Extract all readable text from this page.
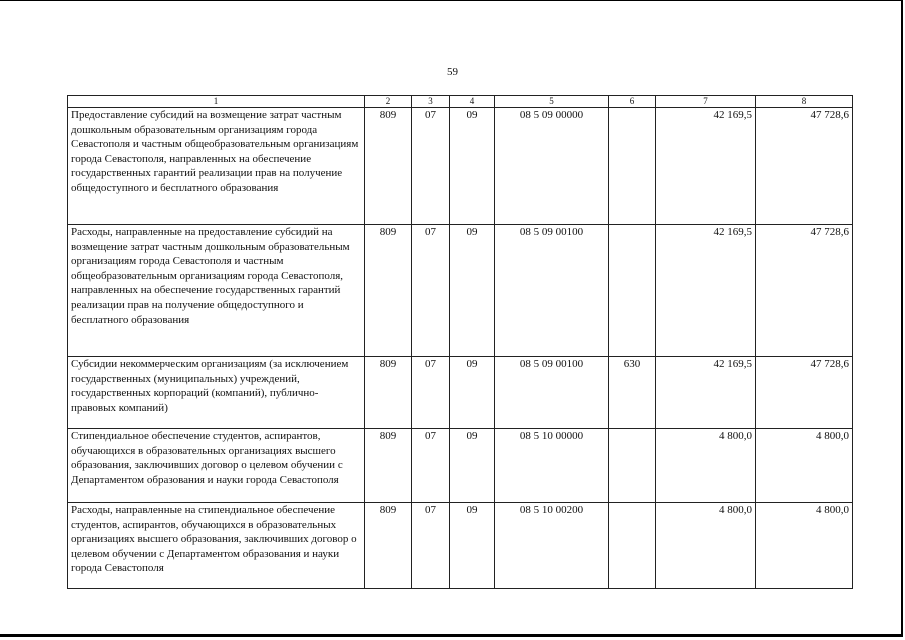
59
1	2	3	4	5	6	7	8
Предоставление субсидий на возмещение затрат частным дошкольным образовательным организациям города Севастополя и частным общеобразовательным организациям города Севастополя, направленных на обеспечение государственных гарантий реализации прав на получение общедоступного и бесплатного образования	809	07	09	08 5 09 00000		42 169,5	47 728,6
Расходы, направленные на предоставление субсидий на возмещение затрат частным дошкольным образовательным организациям города Севастополя и частным общеобразовательным организациям города Севастополя, направленных на обеспечение государственных гарантий реализации прав на получение общедоступного и бесплатного образования	809	07	09	08 5 09 00100		42 169,5	47 728,6
Субсидии некоммерческим организациям (за исключением государственных (муниципальных) учреждений, государственных корпораций (компаний), публично-правовых компаний)	809	07	09	08 5 09 00100	630	42 169,5	47 728,6
Стипендиальное обеспечение студентов, аспирантов, обучающихся в образовательных организациях высшего образования, заключивших договор о целевом обучении с Департаментом образования и науки города Севастополя	809	07	09	08 5 10 00000		4 800,0	4 800,0
Расходы, направленные на стипендиальное обеспечение студентов, аспирантов, обучающихся в образовательных организациях высшего образования, заключивших договор о целевом обучении с Департаментом образования и науки города Севастополя	809	07	09	08 5 10 00200		4 800,0	4 800,0
